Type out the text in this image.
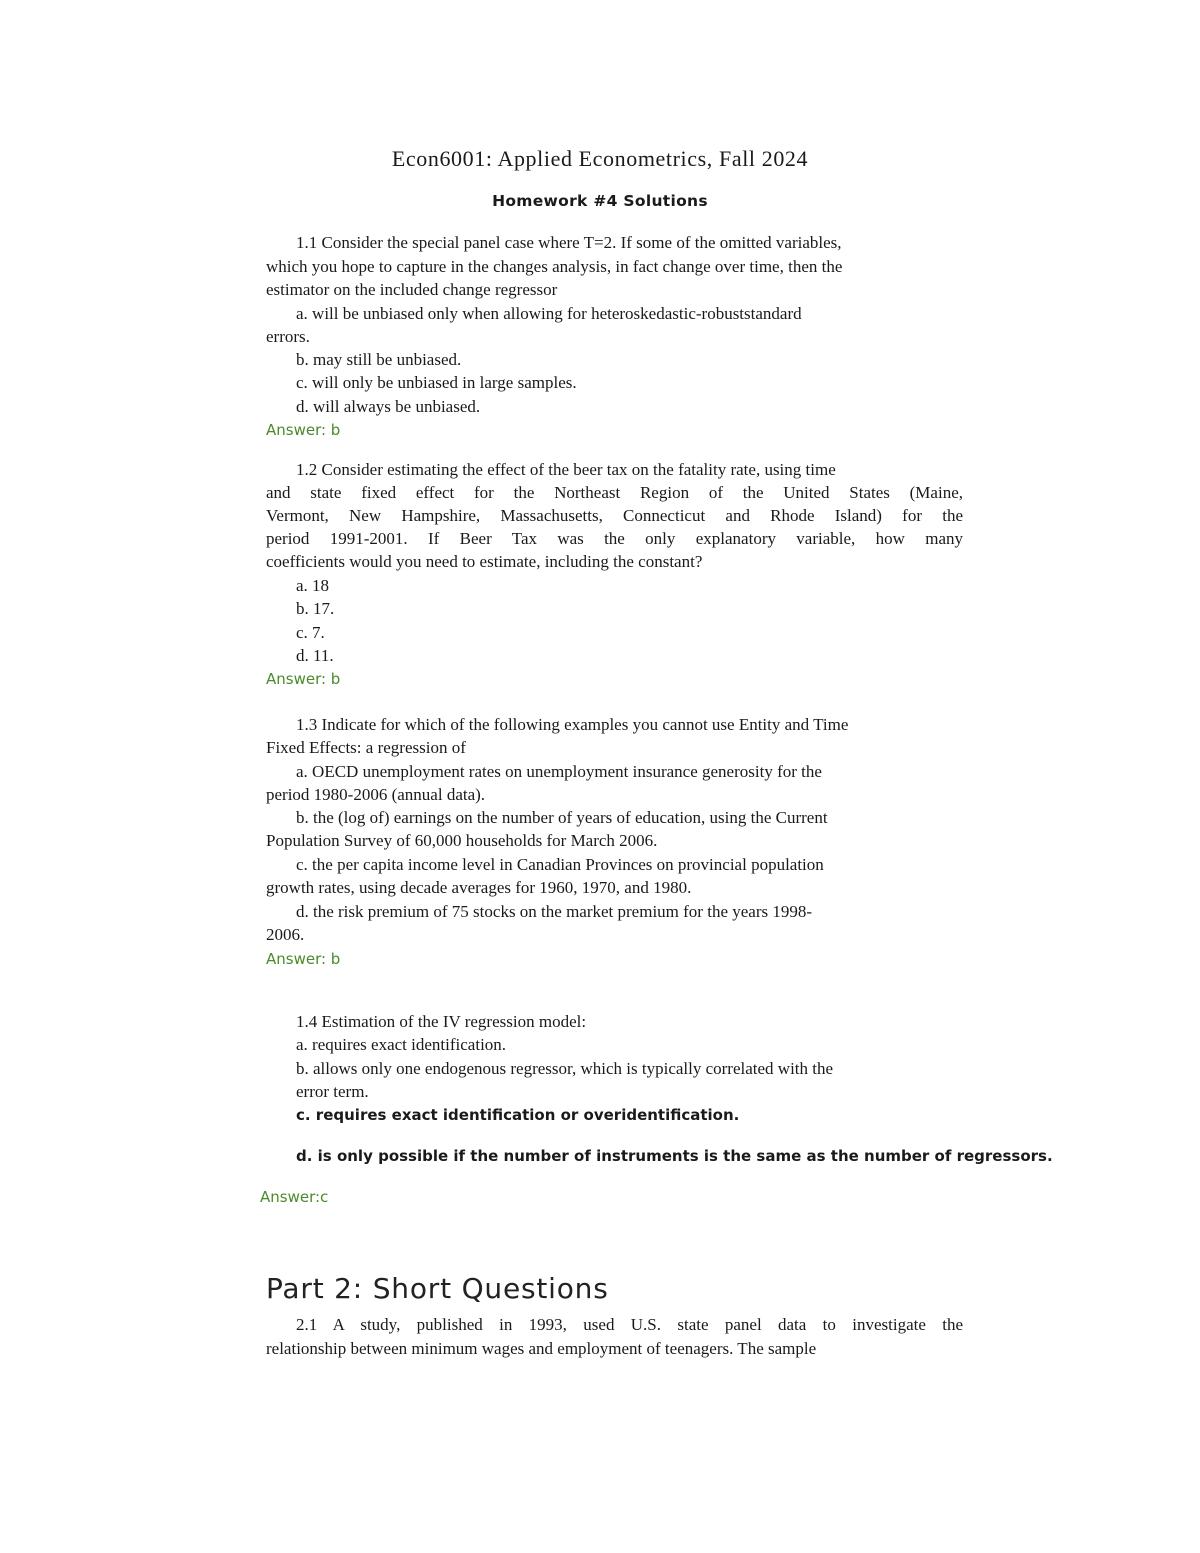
Econ6001: Applied Econometrics, Fall 2024
Homework #4 Solutions
1.1 Consider the special panel case where T=2. If some of the omitted variables,
which you hope to capture in the changes analysis, in fact change over time, then the
estimator on the included change regressor
a. will be unbiased only when allowing for heteroskedastic-robuststandard
errors.
b. may still be unbiased.
c. will only be unbiased in large samples.
d. will always be unbiased.
Answer: b
1.2 Consider estimating the effect of the beer tax on the fatality rate, using time
and state fixed effect for the Northeast Region of the United States (Maine,
Vermont, New Hampshire, Massachusetts, Connecticut and Rhode Island) for the
period 1991-2001. If Beer Tax was the only explanatory variable, how many
coefficients would you need to estimate, including the constant?
a. 18
b. 17.
c. 7.
d. 11.
Answer: b
1.3 Indicate for which of the following examples you cannot use Entity and Time
Fixed Effects: a regression of
a. OECD unemployment rates on unemployment insurance generosity for the
period 1980-2006 (annual data).
b. the (log of) earnings on the number of years of education, using the Current
Population Survey of 60,000 households for March 2006.
c. the per capita income level in Canadian Provinces on provincial population
growth rates, using decade averages for 1960, 1970, and 1980.
d. the risk premium of 75 stocks on the market premium for the years 1998-
2006.
Answer: b
1.4 Estimation of the IV regression model:
a. requires exact identification.
b. allows only one endogenous regressor, which is typically correlated with the
error term.
c. requires exact identification or overidentification.
d. is only possible if the number of instruments is the same as the number of regressors.
Answer:c
Part 2: Short Questions
2.1 A study, published in 1993, used U.S. state panel data to investigate the
relationship between minimum wages and employment of teenagers. The sample
